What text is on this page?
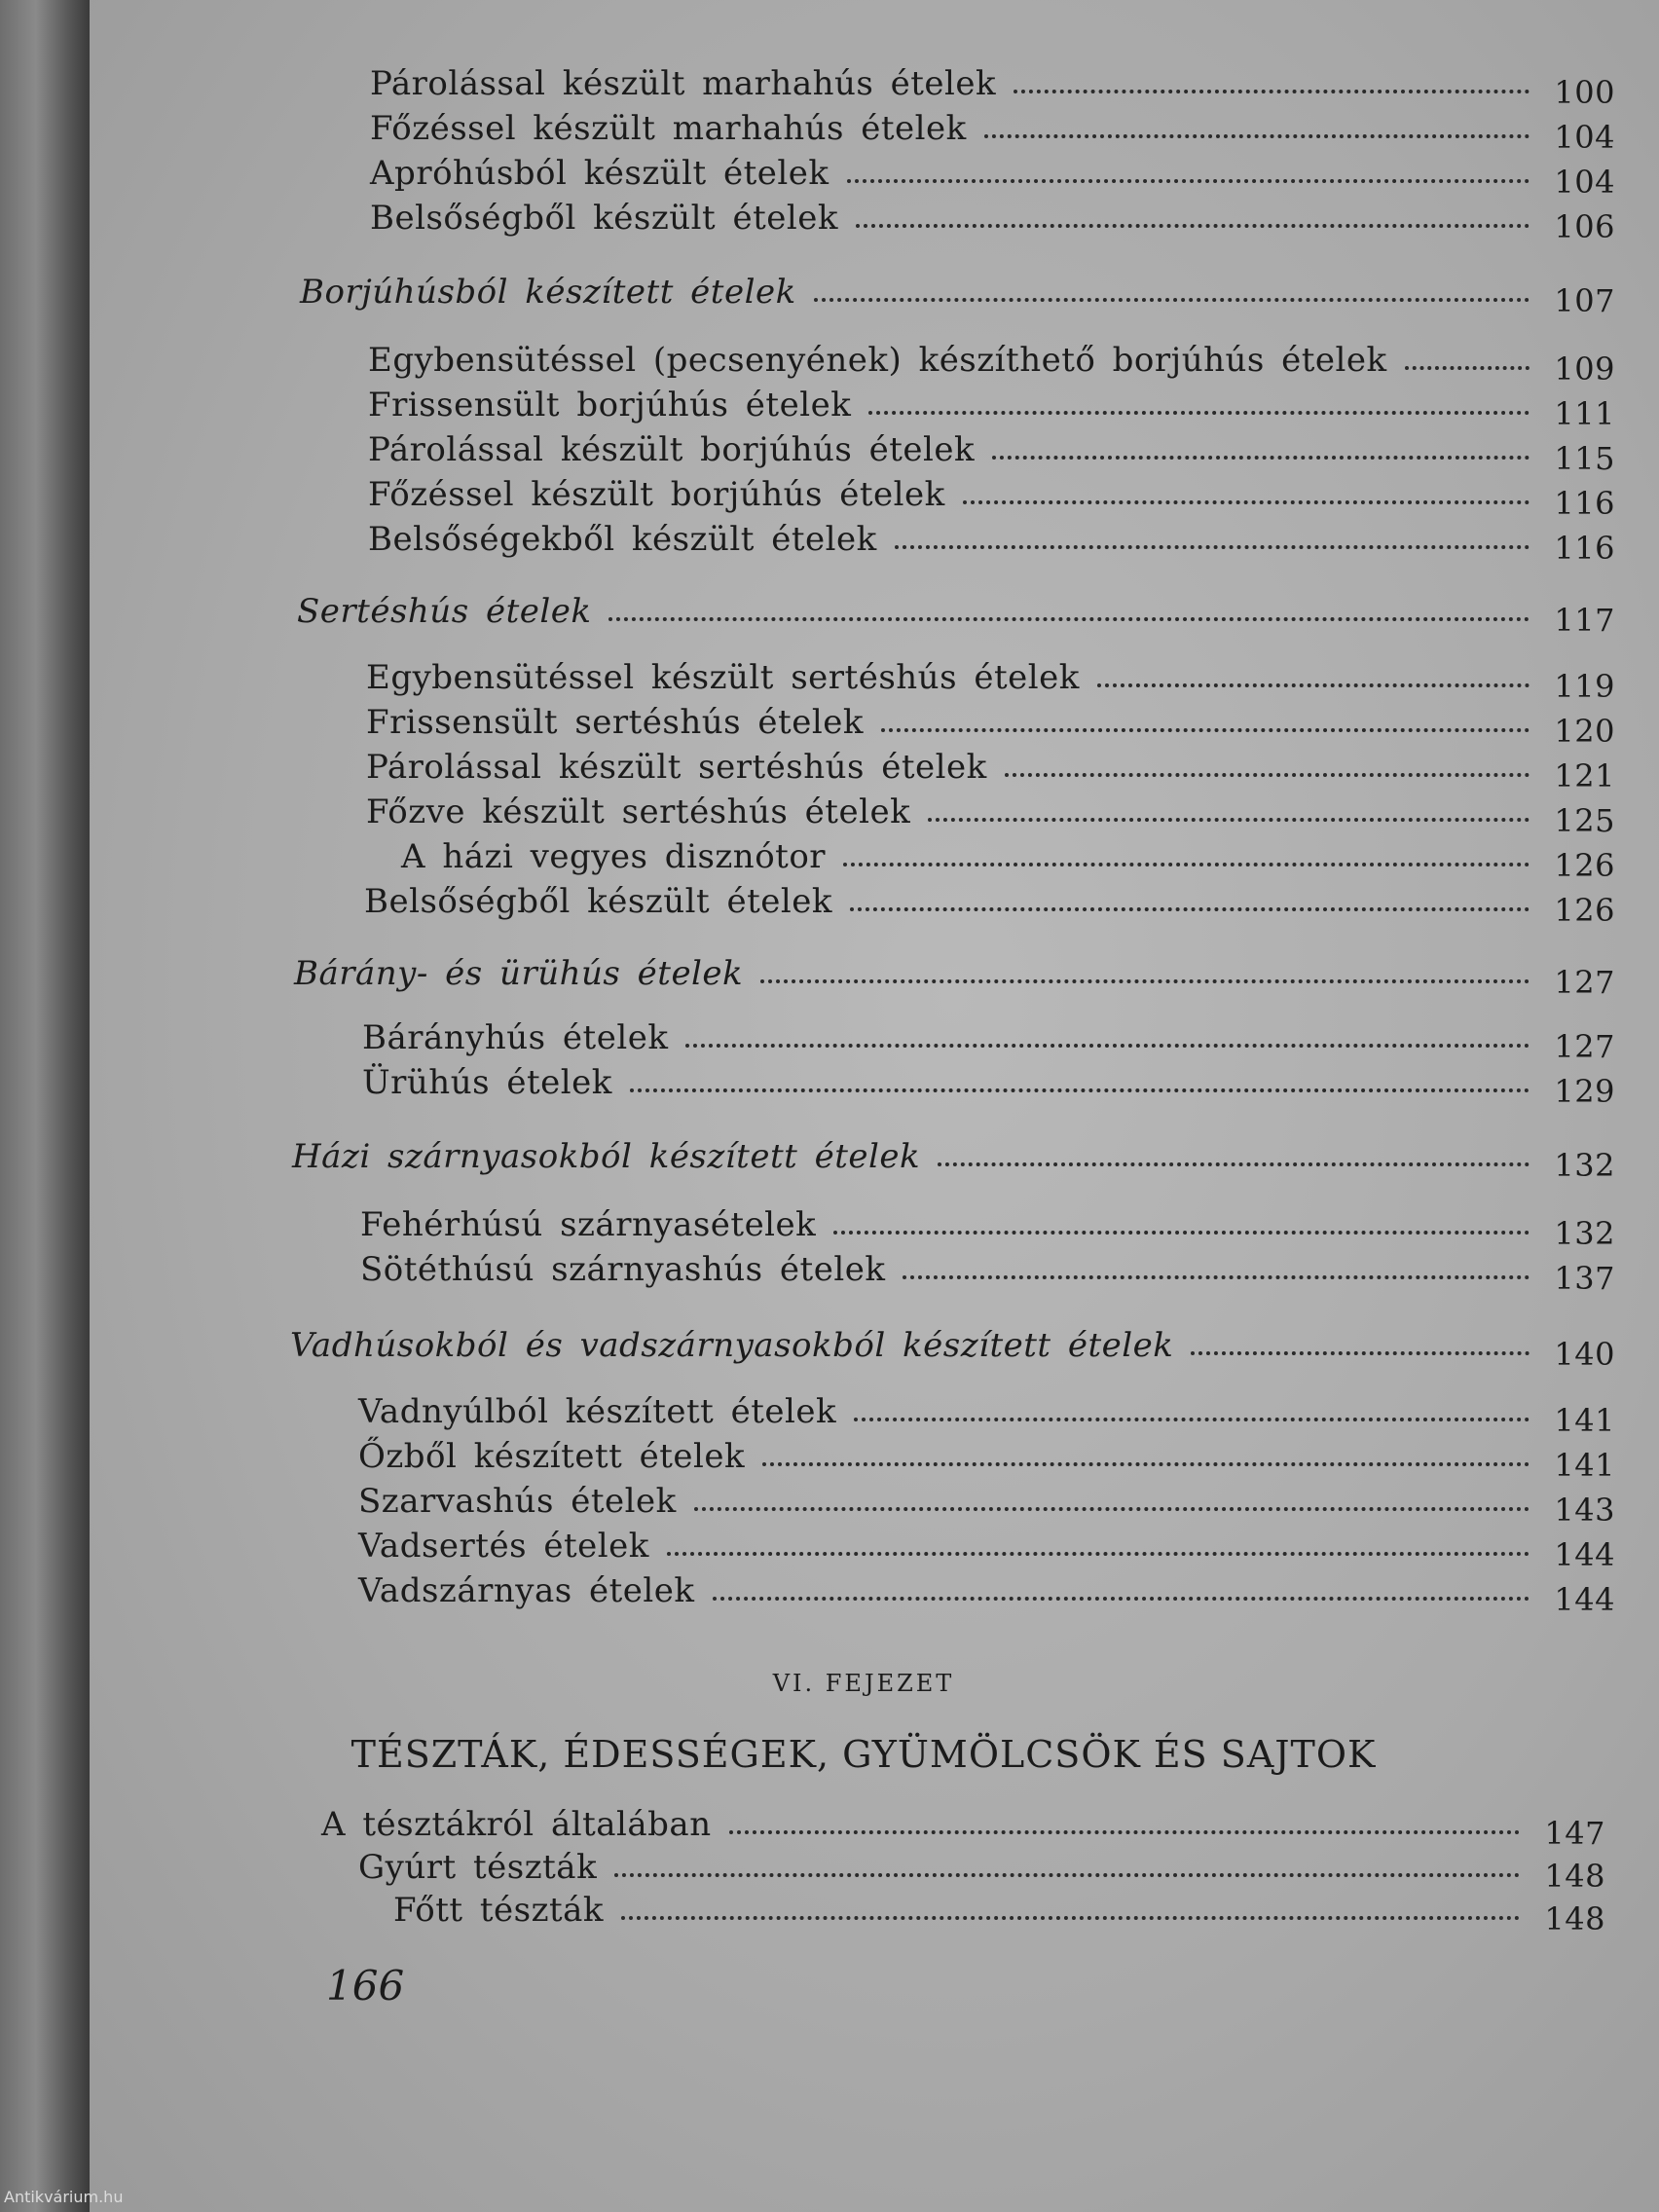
Párolással készült marhahús ételek	100
Főzéssel készült marhahús ételek	104
Apróhúsból készült ételek	104
Belsőségből készült ételek	106
Borjúhúsból készített ételek	107
Egybensütéssel (pecsenyének) készíthető borjúhús ételek	109
Frissensült borjúhús ételek	111
Párolással készült borjúhús ételek	115
Főzéssel készült borjúhús ételek	116
Belsőségekből készült ételek	116
Sertéshús ételek	117
Egybensütéssel készült sertéshús ételek	119
Frissensült sertéshús ételek	120
Párolással készült sertéshús ételek	121
Főzve készült sertéshús ételek	125
A házi vegyes disznótor	126
Belsőségből készült ételek	126
Bárány- és ürühús ételek	127
Bárányhús ételek	127
Ürühús ételek	129
Házi szárnyasokból készített ételek	132
Fehérhúsú szárnyasételek	132
Sötéthúsú szárnyashús ételek	137
Vadhúsokból és vadszárnyasokból készített ételek	140
Vadnyúlból készített ételek	141
Őzből készített ételek	141
Szarvashús ételek	143
Vadsertés ételek	144
Vadszárnyas ételek	144
VI. FEJEZET
TÉSZTÁK, ÉDESSÉGEK, GYÜMÖLCSÖK ÉS SAJTOK
A tésztákról általában	147
Gyúrt tészták	148
Főtt tészták	148
166
Antikvárium.hu
